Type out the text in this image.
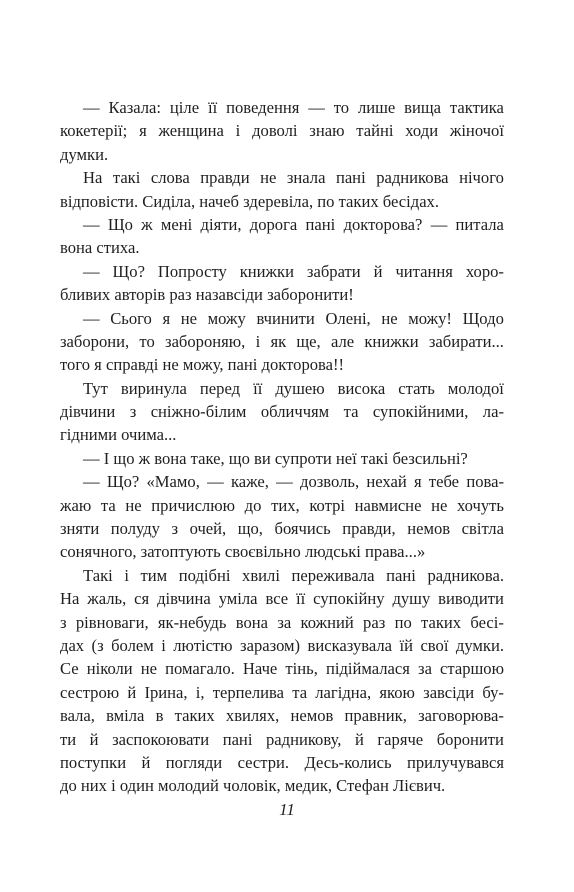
— Казала: ціле її поведення — то лише вища тактика
кокетерії; я женщина і доволі знаю тайні ходи жіночої
думки.
На такі слова правди не знала пані радникова нічого
відповісти. Сиділа, начеб здеревіла, по таких бесідах.
— Що ж мені діяти, дорога пані докторова? — питала
вона стиха.
— Що? Попросту книжки забрати й читання хоро-
бливих авторів раз назавсіди заборонити!
— Сього я не можу вчинити Олені, не можу! Щодо
заборони, то забороняю, і як ще, але книжки забирати...
того я справді не можу, пані докторова!!
Тут виринула перед її душею висока стать молодої
дівчини з сніжно-білим обличчям та супокійними, ла-
гідними очима...
— І що ж вона таке, що ви супроти неї такі безсильні?
— Що? «Мамо, — каже, — дозволь, нехай я тебе пова-
жаю та не причислюю до тих, котрі навмисне не хочуть
зняти полуду з очей, що, боячись правди, немов світла
сонячного, затоптують своєвільно людські права...»
Такі і тим подібні хвилі переживала пані радникова.
На жаль, ся дівчина уміла все її супокійну душу виводити
з рівноваги, як-небудь вона за кожний раз по таких бесі-
дах (з болем і лютістю заразом) висказувала їй свої думки.
Се ніколи не помагало. Наче тінь, підіймалася за старшою
сестрою й Ірина, і, терпелива та лагідна, якою завсіди бу-
вала, вміла в таких хвилях, немов правник, заговорюва-
ти й заспокоювати пані радникову, й гаряче боронити
поступки й погляди сестри. Десь-колись прилучувався
до них і один молодий чоловік, медик, Стефан Лієвич.
11
